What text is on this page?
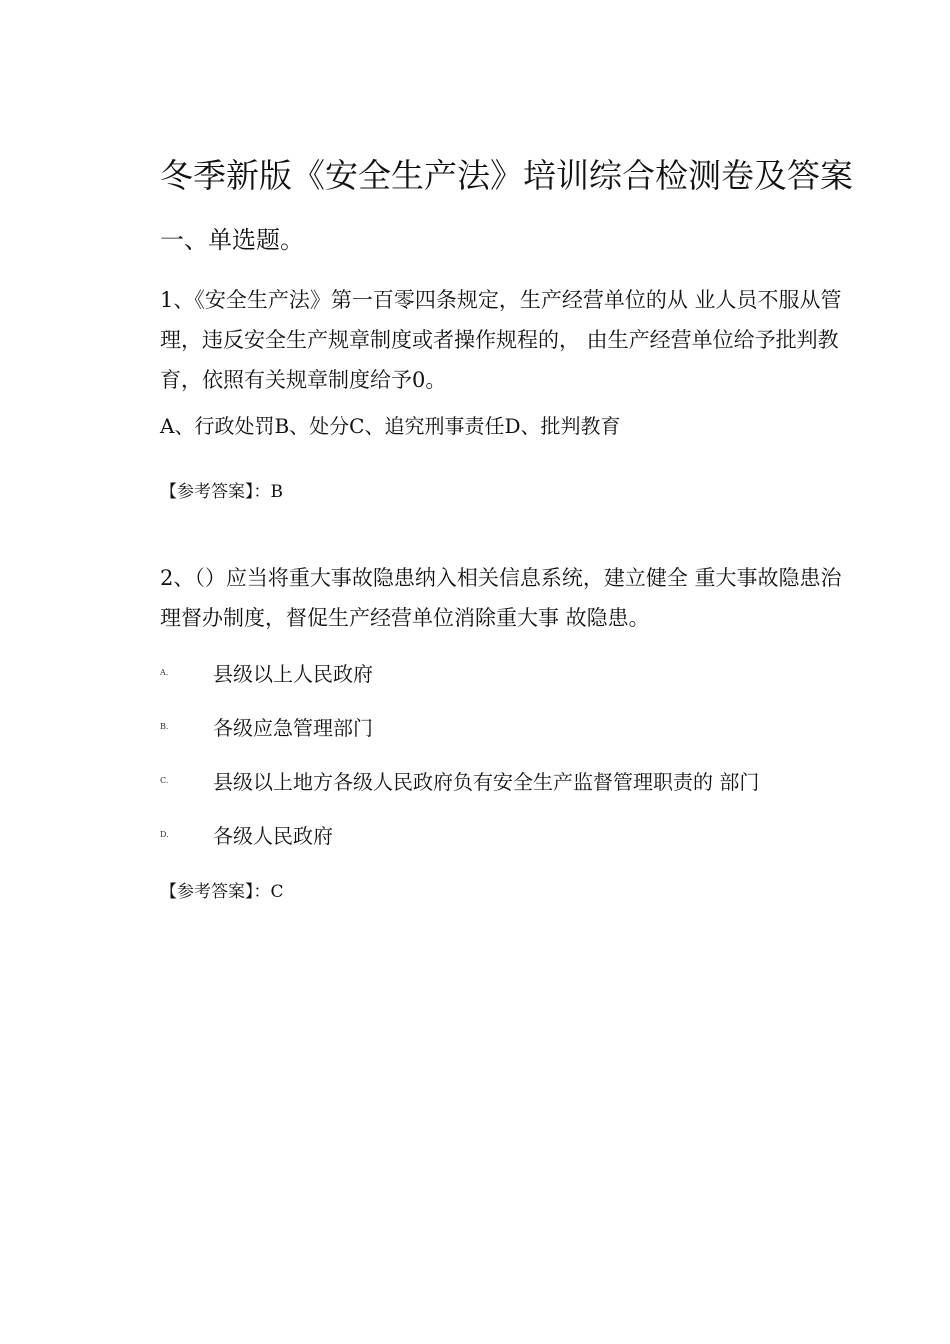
冬季新版《安全生产法》培训综合检测卷及答案
一、单选题。
1、《安全生产法》第一百零四条规定，生产经营单位的从 业人员不服从管理，违反安全生产规章制度或者操作规程的， 由生产经营单位给予批判教育，依照有关规章制度给予0。
A、行政处罚B、处分C、追究刑事责任D、批判教育
【参考答案】：B
2、（）应当将重大事故隐患纳入相关信息系统，建立健全 重大事故隐患治理督办制度，督促生产经营单位消除重大事 故隐患。
A. 县级以上人民政府
B. 各级应急管理部门
C. 县级以上地方各级人民政府负有安全生产监督管理职责的 部门
D. 各级人民政府
【参考答案】：C
